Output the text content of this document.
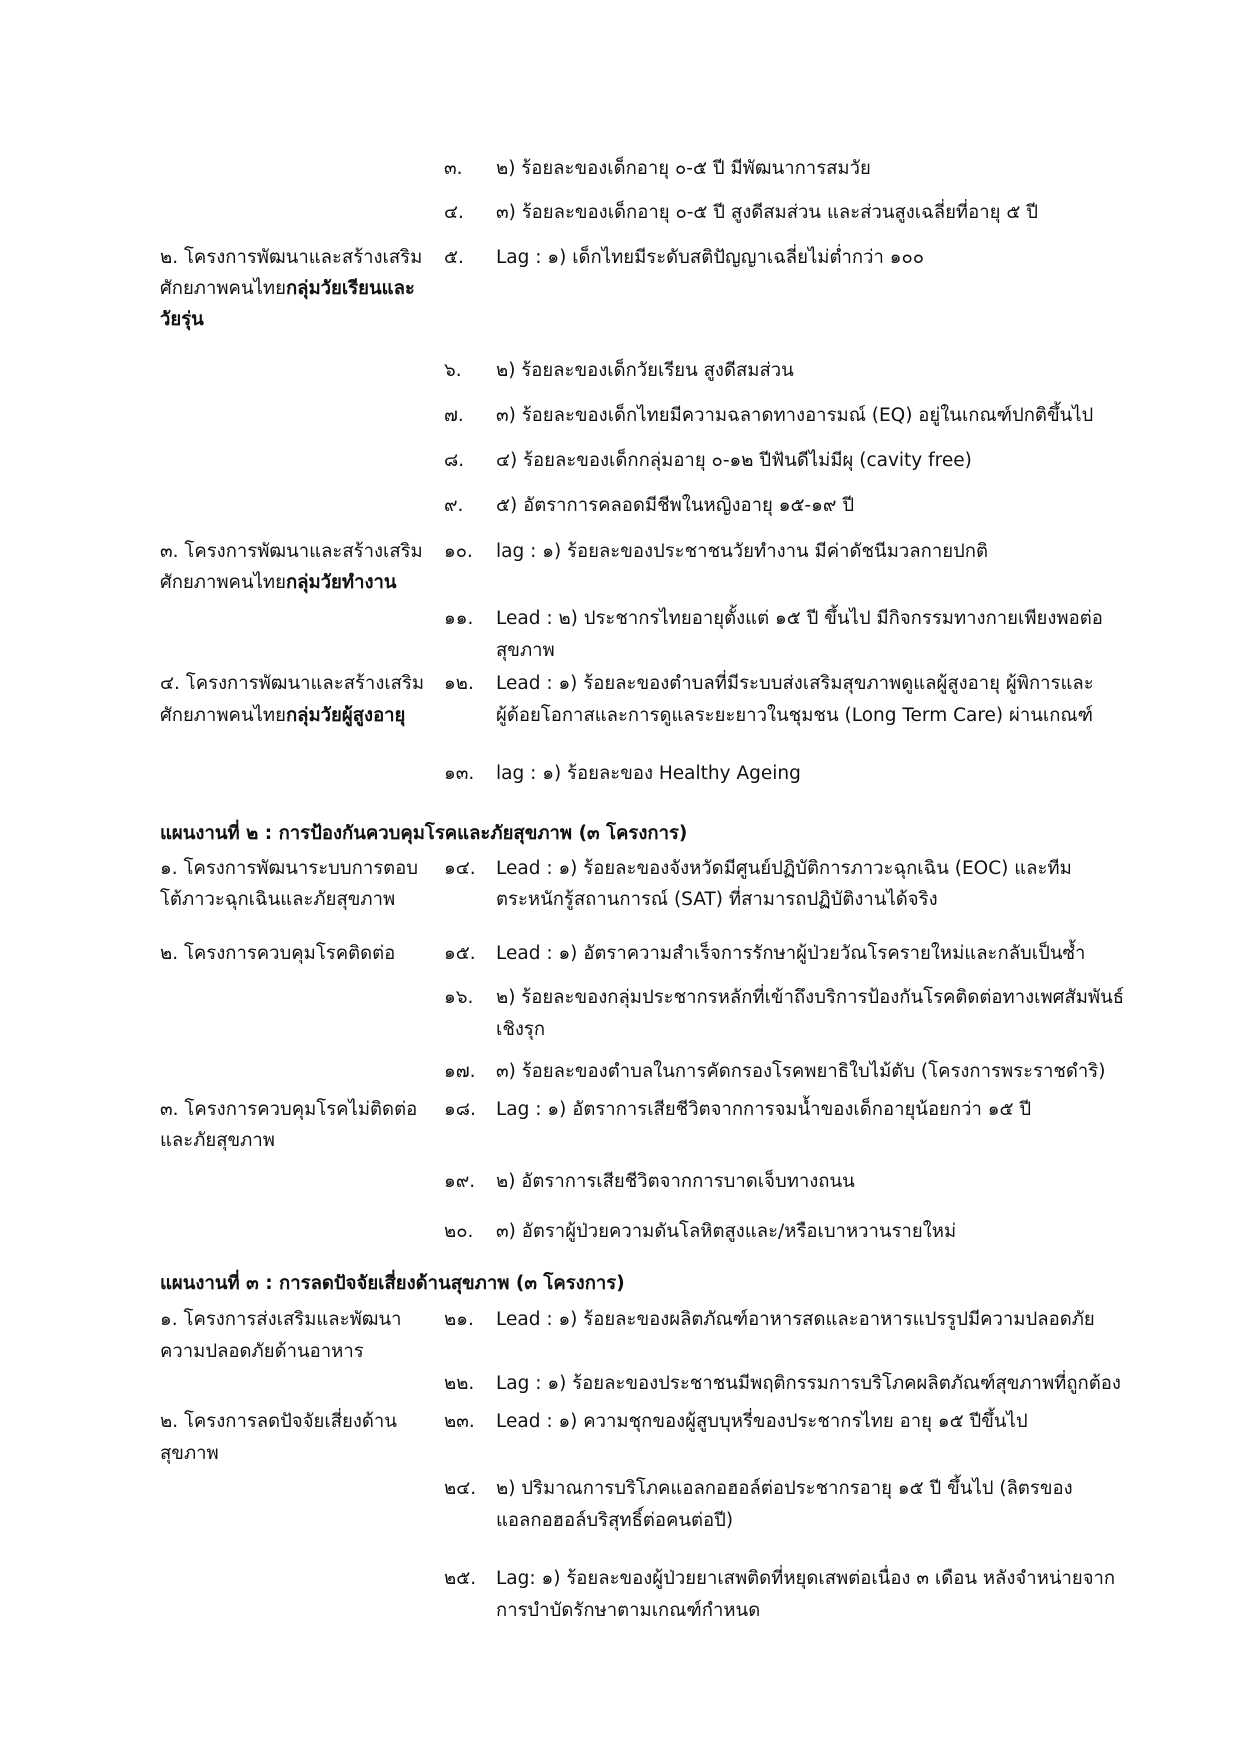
๓. ๒) ร้อยละของเด็กอายุ ๐-๕ ปี มีพัฒนาการสมวัย
๔. ๓) ร้อยละของเด็กอายุ ๐-๕ ปี สูงดีสมส่วน และส่วนสูงเฉลี่ยที่อายุ ๕ ปี
๒. โครงการพัฒนาและสร้างเสริม
ศักยภาพคนไทยกลุ่มวัยเรียนและ
วัยรุ่น
๕. Lag : ๑) เด็กไทยมีระดับสติปัญญาเฉลี่ยไม่ต่ำกว่า ๑๐๐
๖. ๒) ร้อยละของเด็กวัยเรียน สูงดีสมส่วน
๗. ๓) ร้อยละของเด็กไทยมีความฉลาดทางอารมณ์ (EQ) อยู่ในเกณฑ์ปกติขึ้นไป
๘. ๔) ร้อยละของเด็กกลุ่มอายุ ๐-๑๒ ปีฟันดีไม่มีผุ (cavity free)
๙. ๕) อัตราการคลอดมีชีพในหญิงอายุ ๑๕-๑๙ ปี
๓. โครงการพัฒนาและสร้างเสริม
ศักยภาพคนไทยกลุ่มวัยทำงาน
๑๐. lag : ๑) ร้อยละของประชาชนวัยทำงาน มีค่าดัชนีมวลกายปกติ
๑๑. Lead : ๒) ประชากรไทยอายุตั้งแต่ ๑๕ ปี ขึ้นไป มีกิจกรรมทางกายเพียงพอต่อ
สุขภาพ
๔. โครงการพัฒนาและสร้างเสริม
ศักยภาพคนไทยกลุ่มวัยผู้สูงอายุ
๑๒. Lead : ๑) ร้อยละของตำบลที่มีระบบส่งเสริมสุขภาพดูแลผู้สูงอายุ ผู้พิการและ
ผู้ด้อยโอกาสและการดูแลระยะยาวในชุมชน (Long Term Care) ผ่านเกณฑ์
๑๓. lag : ๑) ร้อยละของ Healthy Ageing
แผนงานที่ ๒ : การป้องกันควบคุมโรคและภัยสุขภาพ (๓ โครงการ)
๑. โครงการพัฒนาระบบการตอบ
โต้ภาวะฉุกเฉินและภัยสุขภาพ
๑๔. Lead : ๑) ร้อยละของจังหวัดมีศูนย์ปฏิบัติการภาวะฉุกเฉิน (EOC) และทีม
ตระหนักรู้สถานการณ์ (SAT) ที่สามารถปฏิบัติงานได้จริง
๒. โครงการควบคุมโรคติดต่อ	๑๕. Lead : ๑) อัตราความสำเร็จการรักษาผู้ป่วยวัณโรครายใหม่และกลับเป็นซ้ำ
๑๖. ๒) ร้อยละของกลุ่มประชากรหลักที่เข้าถึงบริการป้องกันโรคติดต่อทางเพศสัมพันธ์
เชิงรุก
๑๗. ๓) ร้อยละของตำบลในการคัดกรองโรคพยาธิใบไม้ตับ (โครงการพระราชดำริ)
๓. โครงการควบคุมโรคไม่ติดต่อ
และภัยสุขภาพ
๑๘. Lag : ๑) อัตราการเสียชีวิตจากการจมน้ำของเด็กอายุน้อยกว่า ๑๕ ปี
๑๙. ๒) อัตราการเสียชีวิตจากการบาดเจ็บทางถนน
๒๐. ๓) อัตราผู้ป่วยความดันโลหิตสูงและ/หรือเบาหวานรายใหม่
แผนงานที่ ๓ : การลดปัจจัยเสี่ยงด้านสุขภาพ (๓ โครงการ)
๑. โครงการส่งเสริมและพัฒนา
ความปลอดภัยด้านอาหาร
๒๑. Lead : ๑) ร้อยละของผลิตภัณฑ์อาหารสดและอาหารแปรรูปมีความปลอดภัย
๒๒. Lag : ๑) ร้อยละของประชาชนมีพฤติกรรมการบริโภคผลิตภัณฑ์สุขภาพที่ถูกต้อง
๒. โครงการลดปัจจัยเสี่ยงด้าน
สุขภาพ
๒๓. Lead : ๑) ความชุกของผู้สูบบุหรี่ของประชากรไทย อายุ ๑๕ ปีขึ้นไป
๒๔. ๒) ปริมาณการบริโภคแอลกอฮอล์ต่อประชากรอายุ ๑๕ ปี ขึ้นไป (ลิตรของ
แอลกอฮอล์บริสุทธิ์ต่อคนต่อปี)
๒๕. Lag: ๑) ร้อยละของผู้ป่วยยาเสพติดที่หยุดเสพต่อเนื่อง ๓ เดือน หลังจำหน่ายจาก
การบำบัดรักษาตามเกณฑ์กำหนด
